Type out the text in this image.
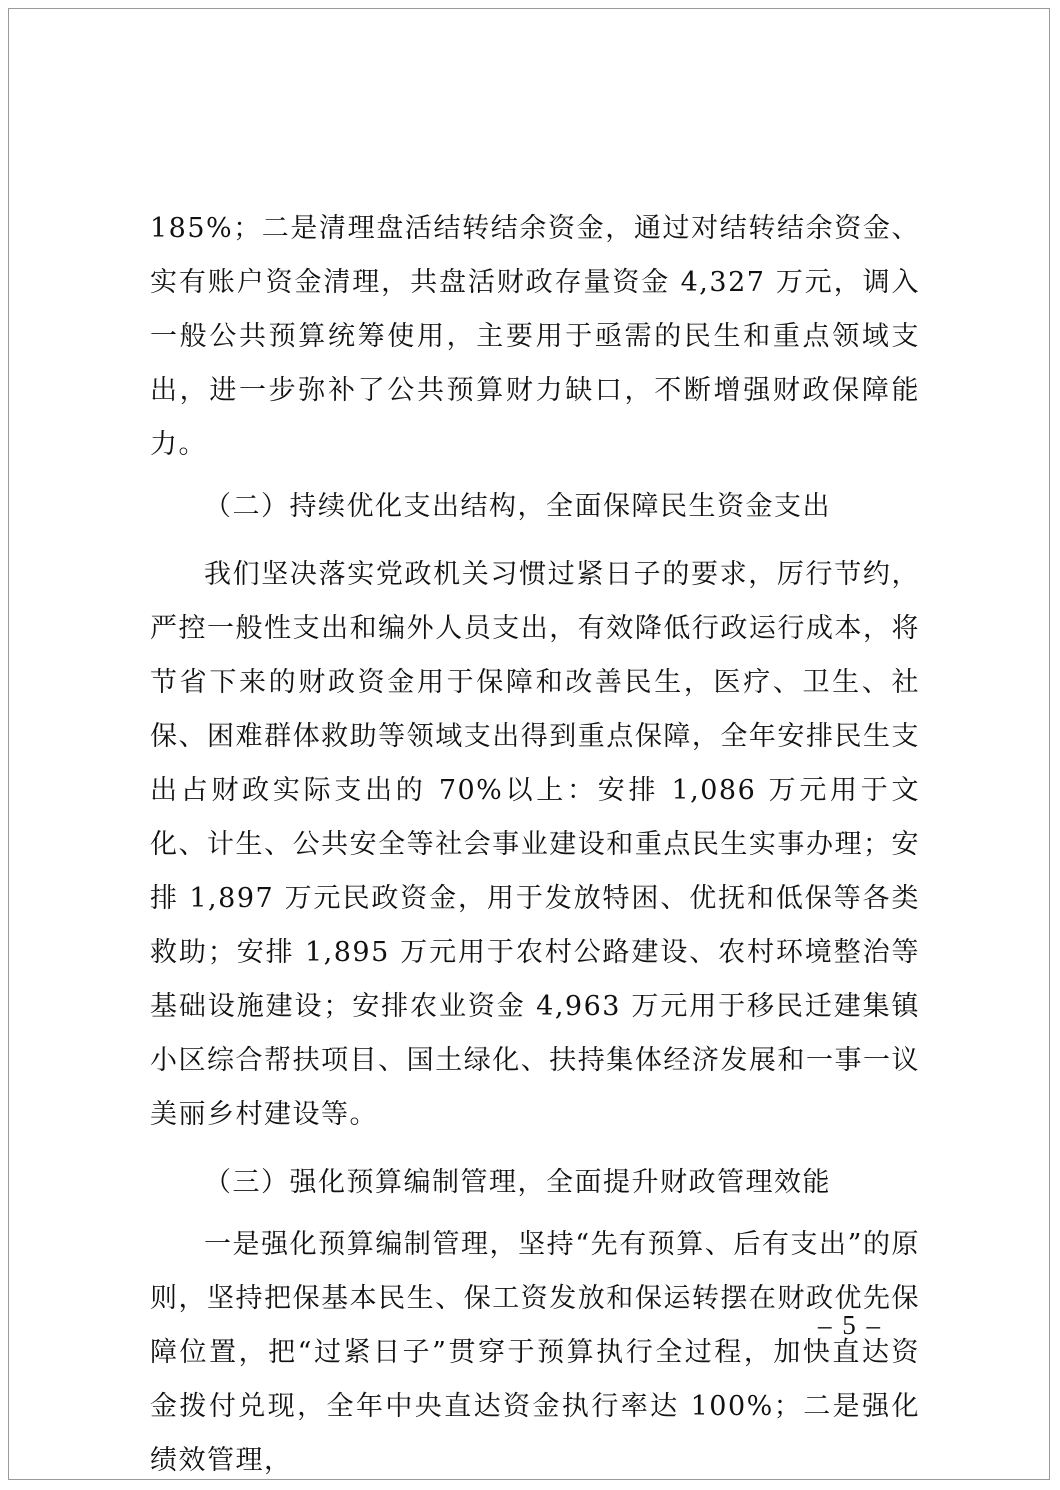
185%；二是清理盘活结转结余资金，通过对结转结余资金、实有账户资金清理，共盘活财政存量资金 4,327 万元，调入一般公共预算统筹使用，主要用于亟需的民生和重点领域支出，进一步弥补了公共预算财力缺口，不断增强财政保障能力。

（二）持续优化支出结构，全面保障民生资金支出

我们坚决落实党政机关习惯过紧日子的要求，厉行节约，严控一般性支出和编外人员支出，有效降低行政运行成本，将节省下来的财政资金用于保障和改善民生，医疗、卫生、社保、困难群体救助等领域支出得到重点保障，全年安排民生支出占财政实际支出的 70%以上：安排 1,086 万元用于文化、计生、公共安全等社会事业建设和重点民生实事办理；安排 1,897 万元民政资金，用于发放特困、优抚和低保等各类救助；安排 1,895 万元用于农村公路建设、农村环境整治等基础设施建设；安排农业资金 4,963 万元用于移民迁建集镇小区综合帮扶项目、国土绿化、扶持集体经济发展和一事一议美丽乡村建设等。

（三）强化预算编制管理，全面提升财政管理效能

一是强化预算编制管理，坚持“先有预算、后有支出”的原则，坚持把保基本民生、保工资发放和保运转摆在财政优先保障位置，把“过紧日子”贯穿于预算执行全过程，加快直达资金拨付兑现，全年中央直达资金执行率达 100%；二是强化绩效管理，

– 5 –
